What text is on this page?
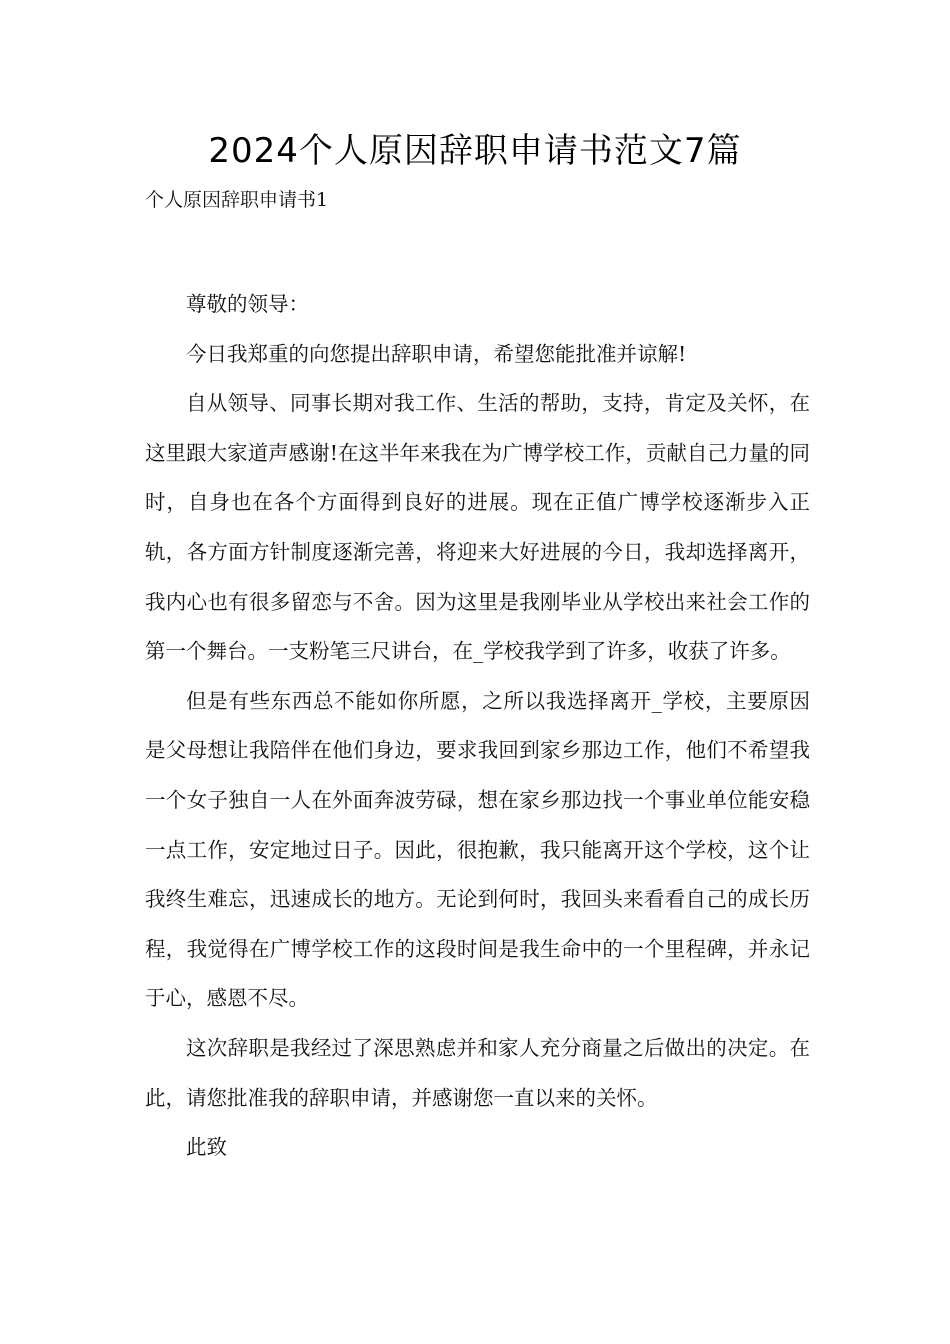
2024个人原因辞职申请书范文7篇
个人原因辞职申请书1

尊敬的领导：

今日我郑重的向您提出辞职申请，希望您能批准并谅解!

自从领导、同事长期对我工作、生活的帮助，支持，肯定及关怀，在这里跟大家道声感谢!在这半年来我在为广博学校工作，贡献自己力量的同时，自身也在各个方面得到良好的进展。现在正值广博学校逐渐步入正轨，各方面方针制度逐渐完善，将迎来大好进展的今日，我却选择离开，我内心也有很多留恋与不舍。因为这里是我刚毕业从学校出来社会工作的第一个舞台。一支粉笔三尺讲台，在_学校我学到了许多，收获了许多。

但是有些东西总不能如你所愿，之所以我选择离开_学校，主要原因是父母想让我陪伴在他们身边，要求我回到家乡那边工作，他们不希望我一个女子独自一人在外面奔波劳碌，想在家乡那边找一个事业单位能安稳一点工作，安定地过日子。因此，很抱歉，我只能离开这个学校，这个让我终生难忘，迅速成长的地方。无论到何时，我回头来看看自己的成长历程，我觉得在广博学校工作的这段时间是我生命中的一个里程碑，并永记于心，感恩不尽。

这次辞职是我经过了深思熟虑并和家人充分商量之后做出的决定。在此，请您批准我的辞职申请，并感谢您一直以来的关怀。

此致
